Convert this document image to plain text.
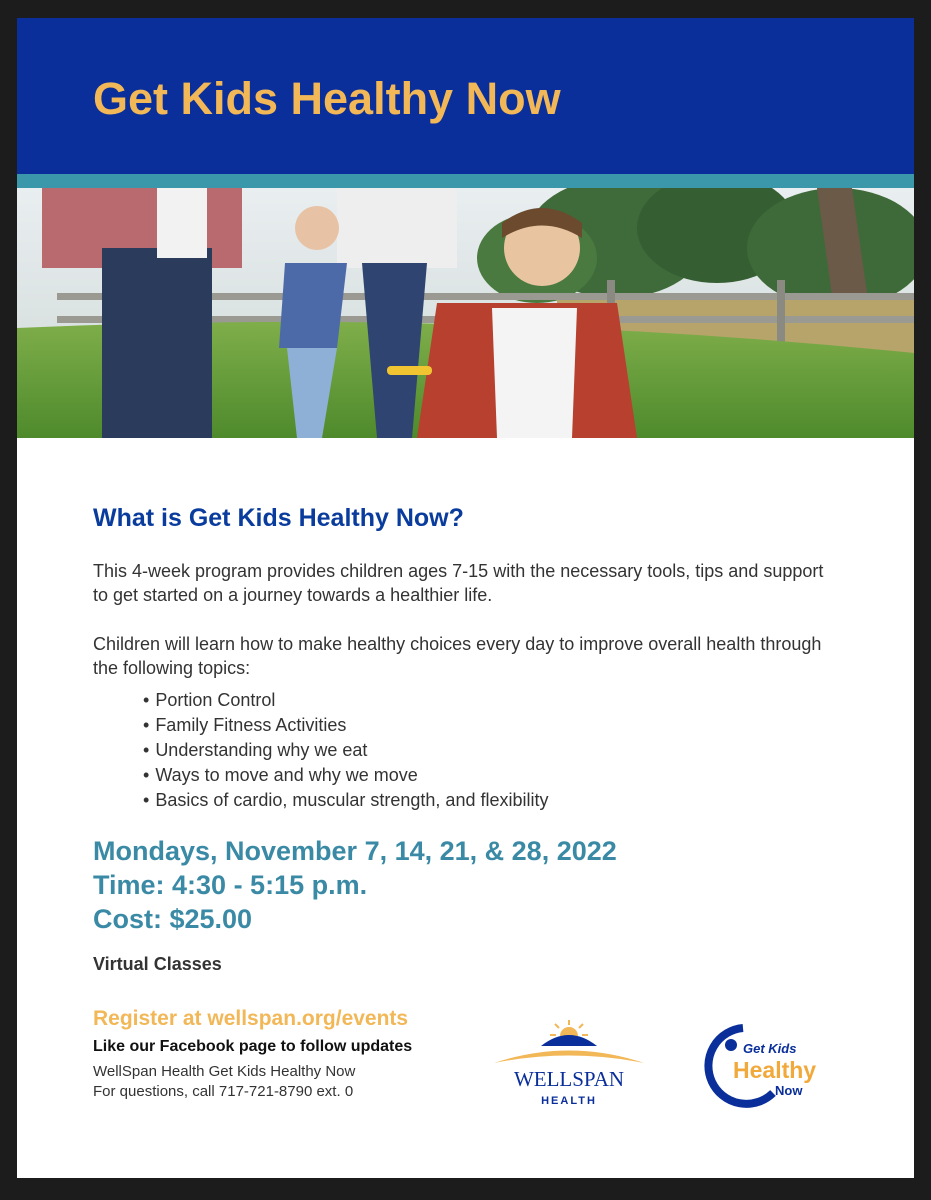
Get Kids Healthy Now
What is Get Kids Healthy Now?

This 4-week program provides children ages 7-15 with the necessary tools, tips and support to get started on a journey towards a healthier life.

Children will learn how to make healthy choices every day to improve overall health through the following topics:

• Portion Control
• Family Fitness Activities
• Understanding why we eat
• Ways to move and why we move
• Basics of cardio, muscular strength, and flexibility
Mondays, November 7, 14, 21, & 28, 2022
Time: 4:30 - 5:15 p.m.
Cost: $25.00

Virtual Classes

Register at wellspan.org/events

Like our Facebook page to follow updates

WellSpan Health Get Kids Healthy Now
For questions, call 717-721-8790 ext. 0
WELLSPAN
HEALTH
Get Kids
Healthy
Now
